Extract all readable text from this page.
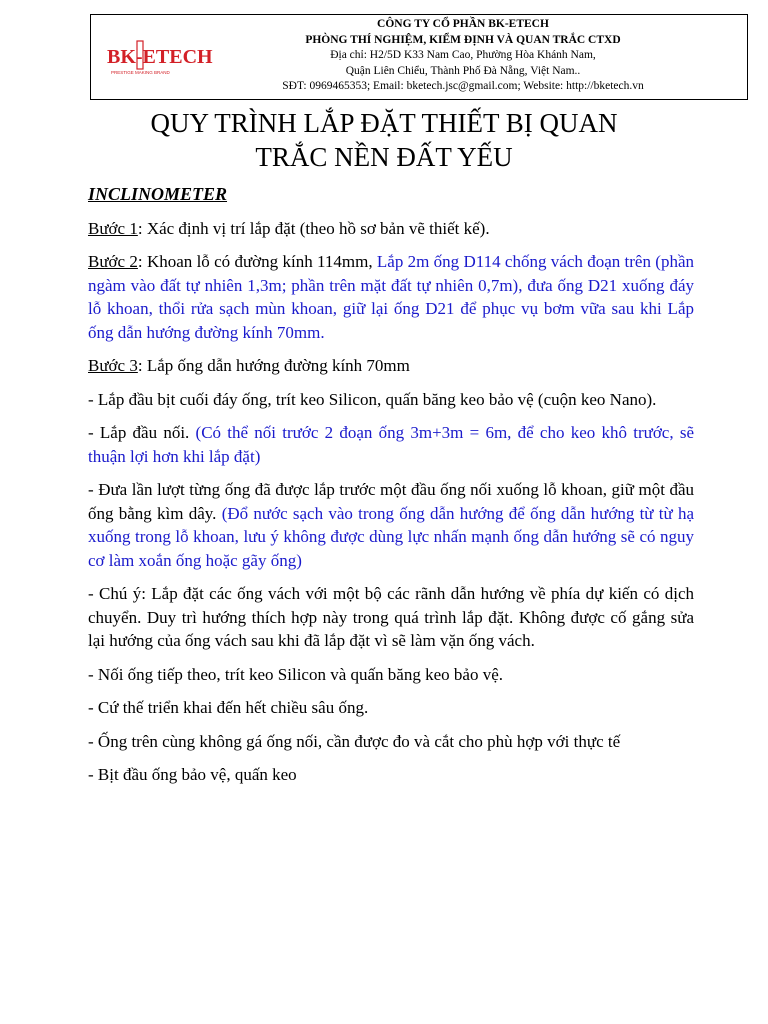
BK-ETECH
PRESTIGE MAKING BRAND
CÔNG TY CỔ PHẦN BK-ETECH
PHÒNG THÍ NGHIỆM, KIỂM ĐỊNH VÀ QUAN TRẮC CTXD
Địa chỉ: H2/5D K33 Nam Cao, Phường Hòa Khánh Nam,
Quận Liên Chiểu, Thành Phố Đà Nẵng, Việt Nam..
SĐT: 0969465353; Email: bketech.jsc@gmail.com; Website: http://bketech.vn
QUY TRÌNH LẮP ĐẶT THIẾT BỊ QUAN
TRẮC NỀN ĐẤT YẾU

INCLINOMETER

Bước 1: Xác định vị trí lắp đặt (theo hồ sơ bản vẽ thiết kế).

Bước 2: Khoan lỗ có đường kính 114mm, Lắp 2m ống D114 chống vách đoạn trên (phần ngàm vào đất tự nhiên 1,3m; phần trên mặt đất tự nhiên 0,7m), đưa ống D21 xuống đáy lỗ khoan, thổi rửa sạch mùn khoan, giữ lại ống D21 để phục vụ bơm vữa sau khi Lắp ống dẫn hướng đường kính 70mm.

Bước 3: Lắp ống dẫn hướng đường kính 70mm

- Lắp đầu bịt cuối đáy ống, trít keo Silicon, quấn băng keo bảo vệ (cuộn keo Nano).

- Lắp đầu nối. (Có thể nối trước 2 đoạn ống 3m+3m = 6m, để cho keo khô trước, sẽ thuận lợi hơn khi lắp đặt)

- Đưa lần lượt từng ống đã được lắp trước một đầu ống nối xuống lỗ khoan, giữ một đầu ống bằng kìm dây. (Đổ nước sạch vào trong ống dẫn hướng để ống dẫn hướng từ từ hạ xuống trong lỗ khoan, lưu ý không được dùng lực nhấn mạnh ống dẫn hướng sẽ có nguy cơ làm xoắn ống hoặc gãy ống)

- Chú ý: Lắp đặt các ống vách với một bộ các rãnh dẫn hướng về phía dự kiến có dịch chuyển. Duy trì hướng thích hợp này trong quá trình lắp đặt. Không được cố gắng sửa lại hướng của ống vách sau khi đã lắp đặt vì sẽ làm vặn ống vách.

- Nối ống tiếp theo, trít keo Silicon và quấn băng keo bảo vệ.

- Cứ thế triển khai đến hết chiều sâu ống.

- Ống trên cùng không gá ống nối, cần được đo và cắt cho phù hợp với thực tế

- Bịt đầu ống bảo vệ, quấn keo
